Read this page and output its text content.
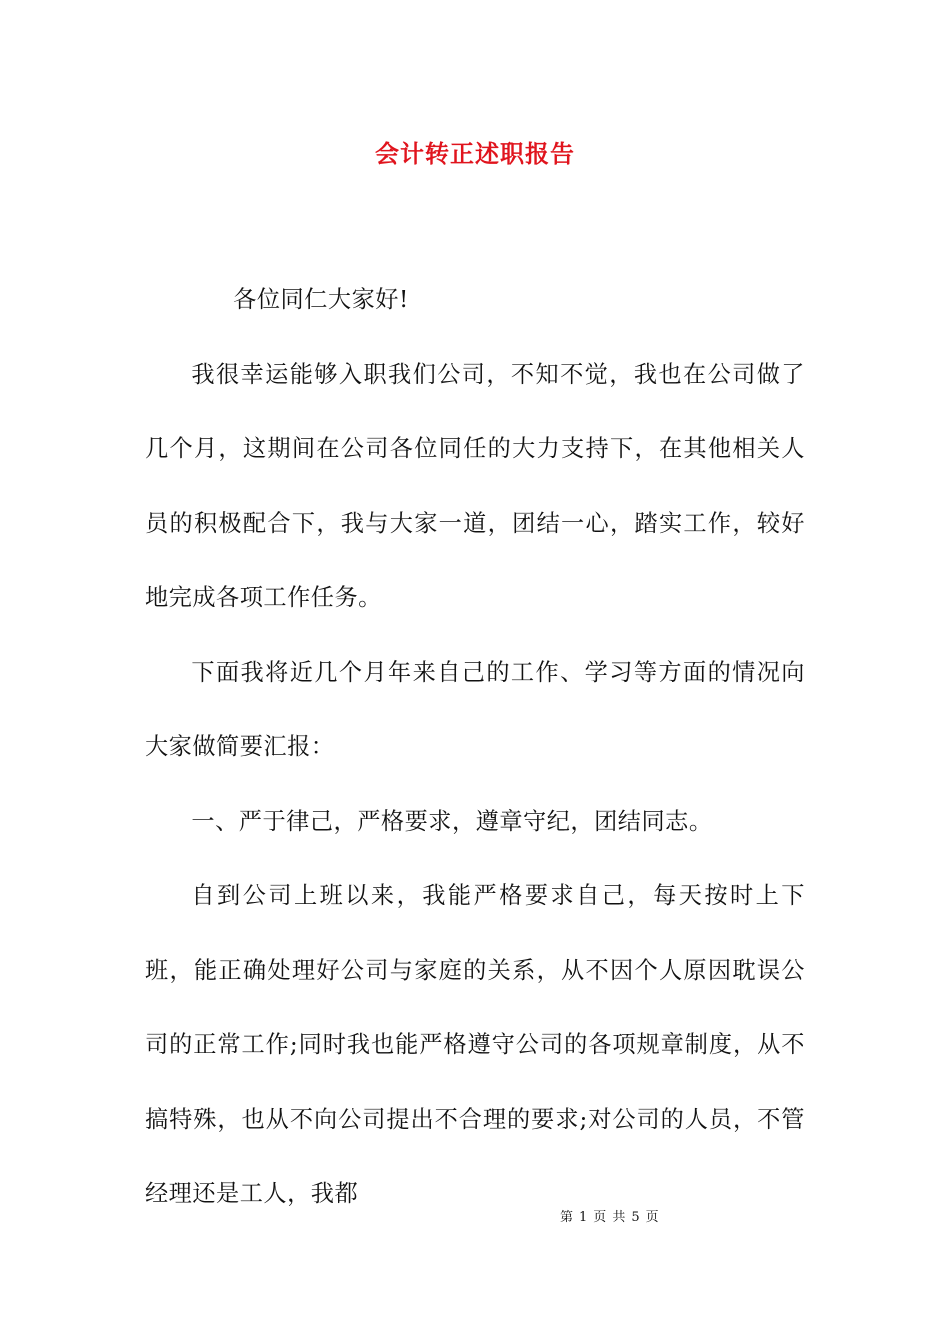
会计转正述职报告

各位同仁大家好!

我很幸运能够入职我们公司，不知不觉，我也在公司做了几个月，这期间在公司各位同任的大力支持下，在其他相关人员的积极配合下，我与大家一道，团结一心，踏实工作，较好地完成各项工作任务。

下面我将近几个月年来自己的工作、学习等方面的情况向大家做简要汇报：

一、严于律己，严格要求，遵章守纪，团结同志。

自到公司上班以来，我能严格要求自己，每天按时上下班，能正确处理好公司与家庭的关系，从不因个人原因耽误公司的正常工作;同时我也能严格遵守公司的各项规章制度，从不搞特殊，也从不向公司提出不合理的要求;对公司的人员，不管经理还是工人，我都

第 1 页 共 5 页
